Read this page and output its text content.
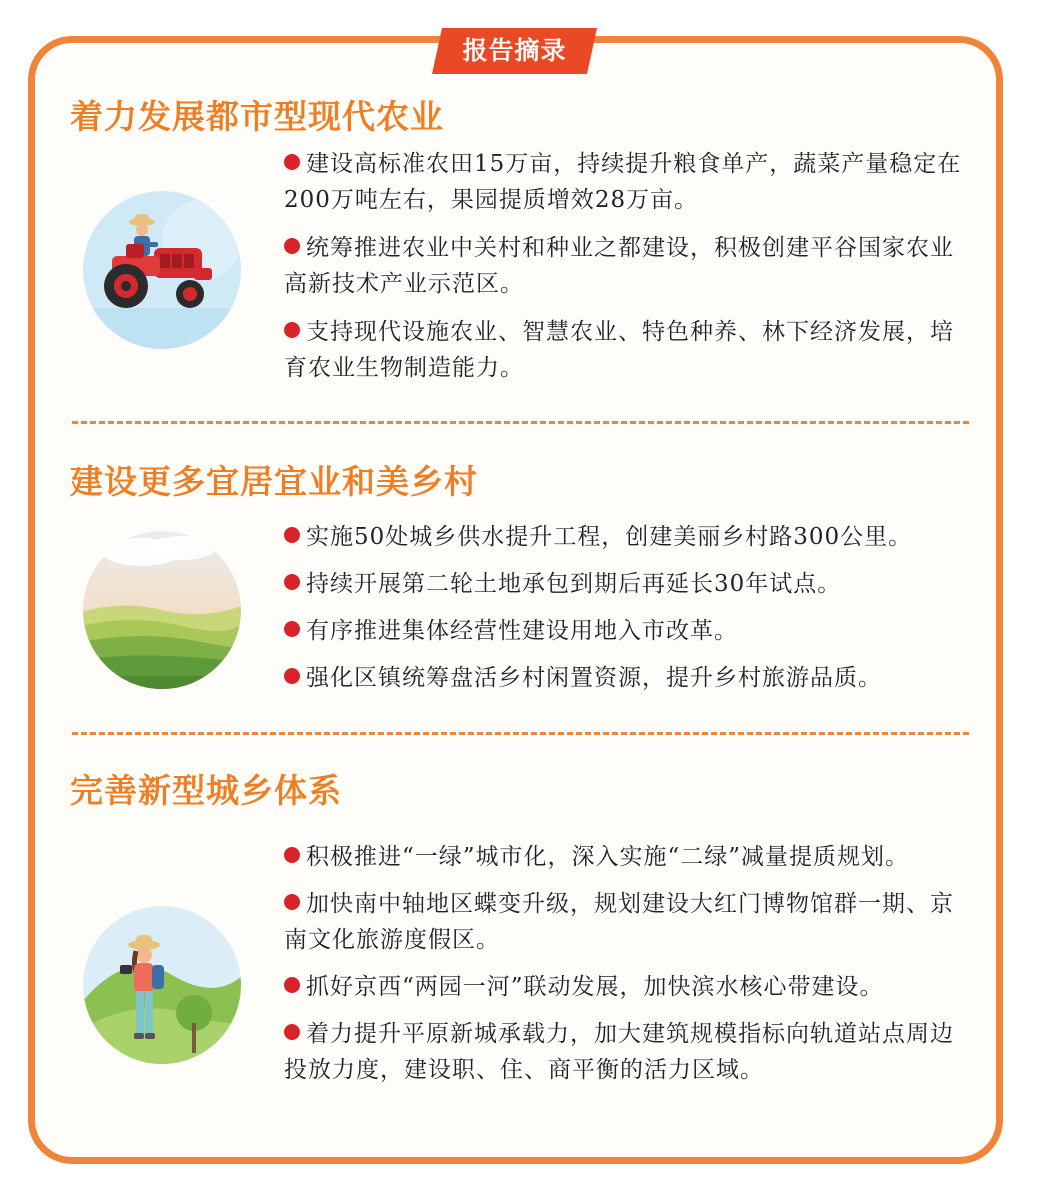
报告摘录
着力发展都市型现代农业
建设高标准农田15万亩，持续提升粮食单产，蔬菜产量稳定在200万吨左右，果园提质增效28万亩。
统筹推进农业中关村和种业之都建设，积极创建平谷国家农业高新技术产业示范区。
支持现代设施农业、智慧农业、特色种养、林下经济发展，培育农业生物制造能力。
建设更多宜居宜业和美乡村
实施50处城乡供水提升工程，创建美丽乡村路300公里。
持续开展第二轮土地承包到期后再延长30年试点。
有序推进集体经营性建设用地入市改革。
强化区镇统筹盘活乡村闲置资源，提升乡村旅游品质。
完善新型城乡体系
积极推进“一绿”城市化，深入实施“二绿”减量提质规划。
加快南中轴地区蝶变升级，规划建设大红门博物馆群一期、京南文化旅游度假区。
抓好京西“两园一河”联动发展，加快滨水核心带建设。
着力提升平原新城承载力，加大建筑规模指标向轨道站点周边投放力度，建设职、住、商平衡的活力区域。
